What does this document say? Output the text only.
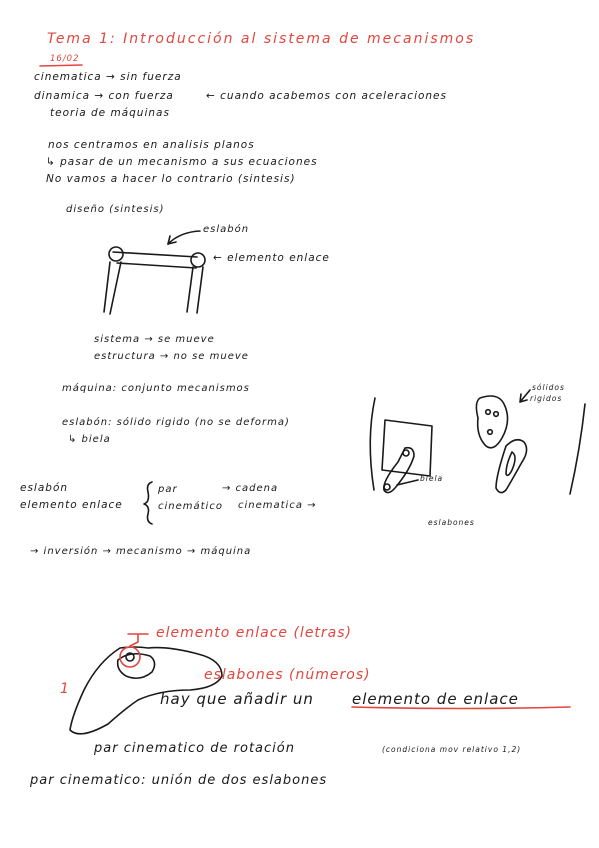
Tema 1: Introducción al sistema de mecanismos
16/02
cinematica → sin fuerza
dinamica → con fuerza	← cuando acabemos con aceleraciones
teoria de máquinas
nos centramos en analisis planos
↳ pasar de un mecanismo a sus ecuaciones
No vamos a hacer lo contrario (sintesis)
diseño (sintesis)
eslabón
← elemento enlace
sistema → se mueve
estructura → no se mueve
máquina: conjunto mecanismos
eslabón: sólido rigido (no se deforma)
↳ biela
sólidos
rigidos
biela
eslabones
eslabón
elemento enlace
par
cinemático
→ cadena
cinematica →
→ inversión → mecanismo → máquina
elemento enlace (letras)
eslabones (números)
1
hay que añadir un	elemento de enlace
par cinematico de rotación	(condiciona mov relativo 1,2)
par cinematico: unión de dos eslabones
